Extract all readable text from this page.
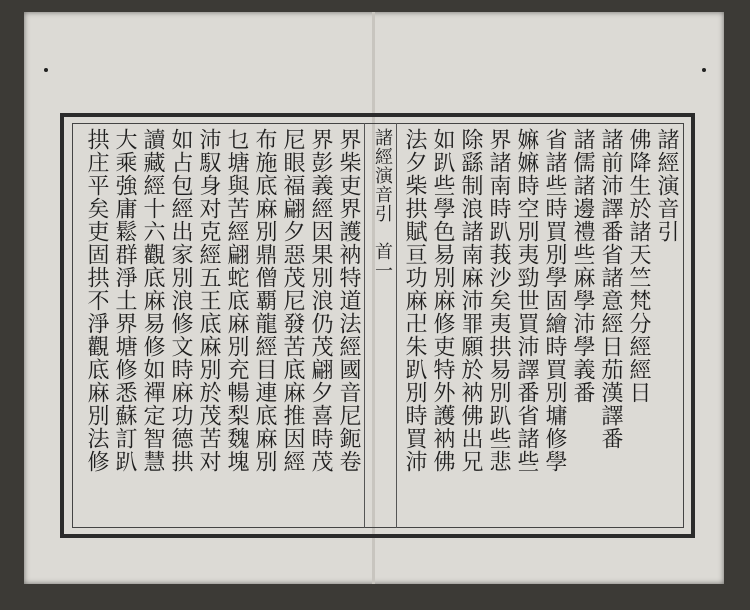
諸經演音引
佛降生於諸天竺梵分經經日
諸前沛譯番省諸意經日茄漢譯番
諸儒諸邊禮些麻學沛學義番
省諸些時買別學固繪時買別墉修學
嫲嫲時空別夷勁世買沛譯番省諸些
界諸南時趴莪沙矣夷拱易別趴些悲
除繇制浪諸南麻沛罪願於衲佛出兄
如趴些學色易別麻修吏特外護衲佛
法夕柴拱賦亘功麻卍朱趴別時買沛
諸經演音引　首一
界柴吏界護衲特道法經國音尼鈪卷
界彭義經因果別浪仍茂翩夕喜時茂
尼眼福翩夕惡茂尼發苦底麻推因經
布施底麻別鼎僧覇龍經目連底麻別
乜塘與苦經翩蛇底麻別充暢梨魏塊
沛馭身对克經五王底麻別於茂苦对
如占包經出家別浪修文時麻功德拱
讀藏經十六觀底麻易修如禪定智慧
大乘強庸鬆群淨土界塘修悉蘇訂趴
拱庄平矣吏固拱不淨觀底麻別法修
